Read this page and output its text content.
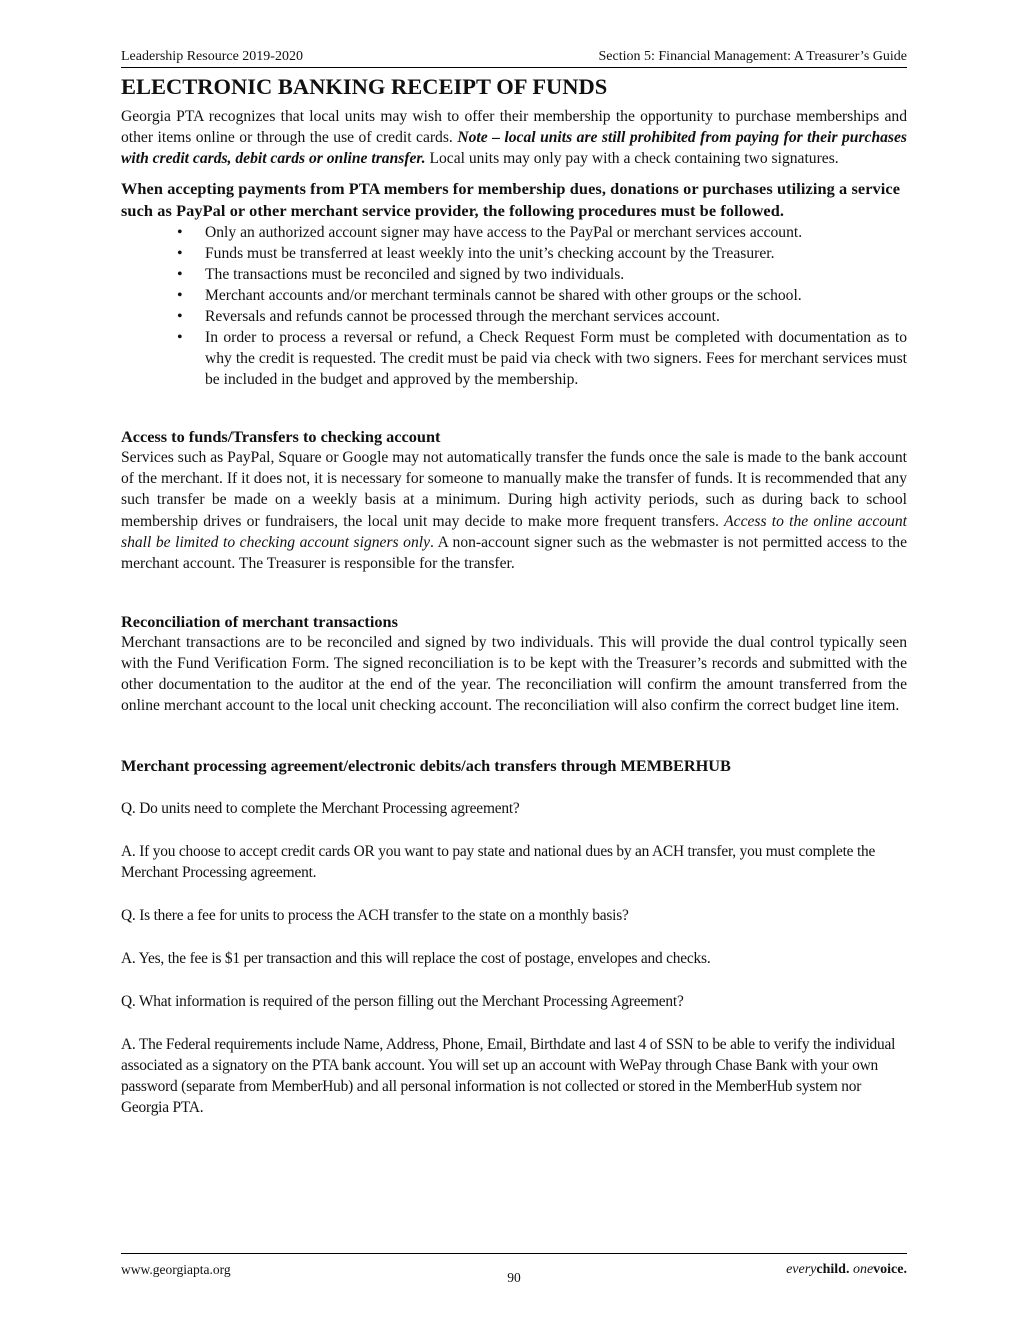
Leadership Resource 2019-2020	Section 5: Financial Management: A Treasurer’s Guide
ELECTRONIC BANKING RECEIPT OF FUNDS

Georgia PTA recognizes that local units may wish to offer their membership the opportunity to purchase memberships and other items online or through the use of credit cards. Note – local units are still prohibited from paying for their purchases with credit cards, debit cards or online transfer. Local units may only pay with a check containing two signatures.

When accepting payments from PTA members for membership dues, donations or purchases utilizing a service such as PayPal or other merchant service provider, the following procedures must be followed.

• Only an authorized account signer may have access to the PayPal or merchant services account.
• Funds must be transferred at least weekly into the unit’s checking account by the Treasurer.
• The transactions must be reconciled and signed by two individuals.
• Merchant accounts and/or merchant terminals cannot be shared with other groups or the school.
• Reversals and refunds cannot be processed through the merchant services account.
• In order to process a reversal or refund, a Check Request Form must be completed with documentation as to why the credit is requested. The credit must be paid via check with two signers. Fees for merchant services must be included in the budget and approved by the membership.
Access to funds/Transfers to checking account

Services such as PayPal, Square or Google may not automatically transfer the funds once the sale is made to the bank account of the merchant. If it does not, it is necessary for someone to manually make the transfer of funds. It is recommended that any such transfer be made on a weekly basis at a minimum. During high activity periods, such as during back to school membership drives or fundraisers, the local unit may decide to make more frequent transfers. Access to the online account shall be limited to checking account signers only. A non-account signer such as the webmaster is not permitted access to the merchant account. The Treasurer is responsible for the transfer.

Reconciliation of merchant transactions

Merchant transactions are to be reconciled and signed by two individuals. This will provide the dual control typically seen with the Fund Verification Form. The signed reconciliation is to be kept with the Treasurer’s records and submitted with the other documentation to the auditor at the end of the year. The reconciliation will confirm the amount transferred from the online merchant account to the local unit checking account. The reconciliation will also confirm the correct budget line item.

Merchant processing agreement/electronic debits/ach transfers through MEMBERHUB

Q. Do units need to complete the Merchant Processing agreement?

A. If you choose to accept credit cards OR you want to pay state and national dues by an ACH transfer, you must complete the Merchant Processing agreement.

Q. Is there a fee for units to process the ACH transfer to the state on a monthly basis?

A. Yes, the fee is $1 per transaction and this will replace the cost of postage, envelopes and checks.

Q. What information is required of the person filling out the Merchant Processing Agreement?

A. The Federal requirements include Name, Address, Phone, Email, Birthdate and last 4 of SSN to be able to verify the individual associated as a signatory on the PTA bank account. You will set up an account with WePay through Chase Bank with your own password (separate from MemberHub) and all personal information is not collected or stored in the MemberHub system nor Georgia PTA.

www.georgiapta.org
90
everychild. onevoice.
